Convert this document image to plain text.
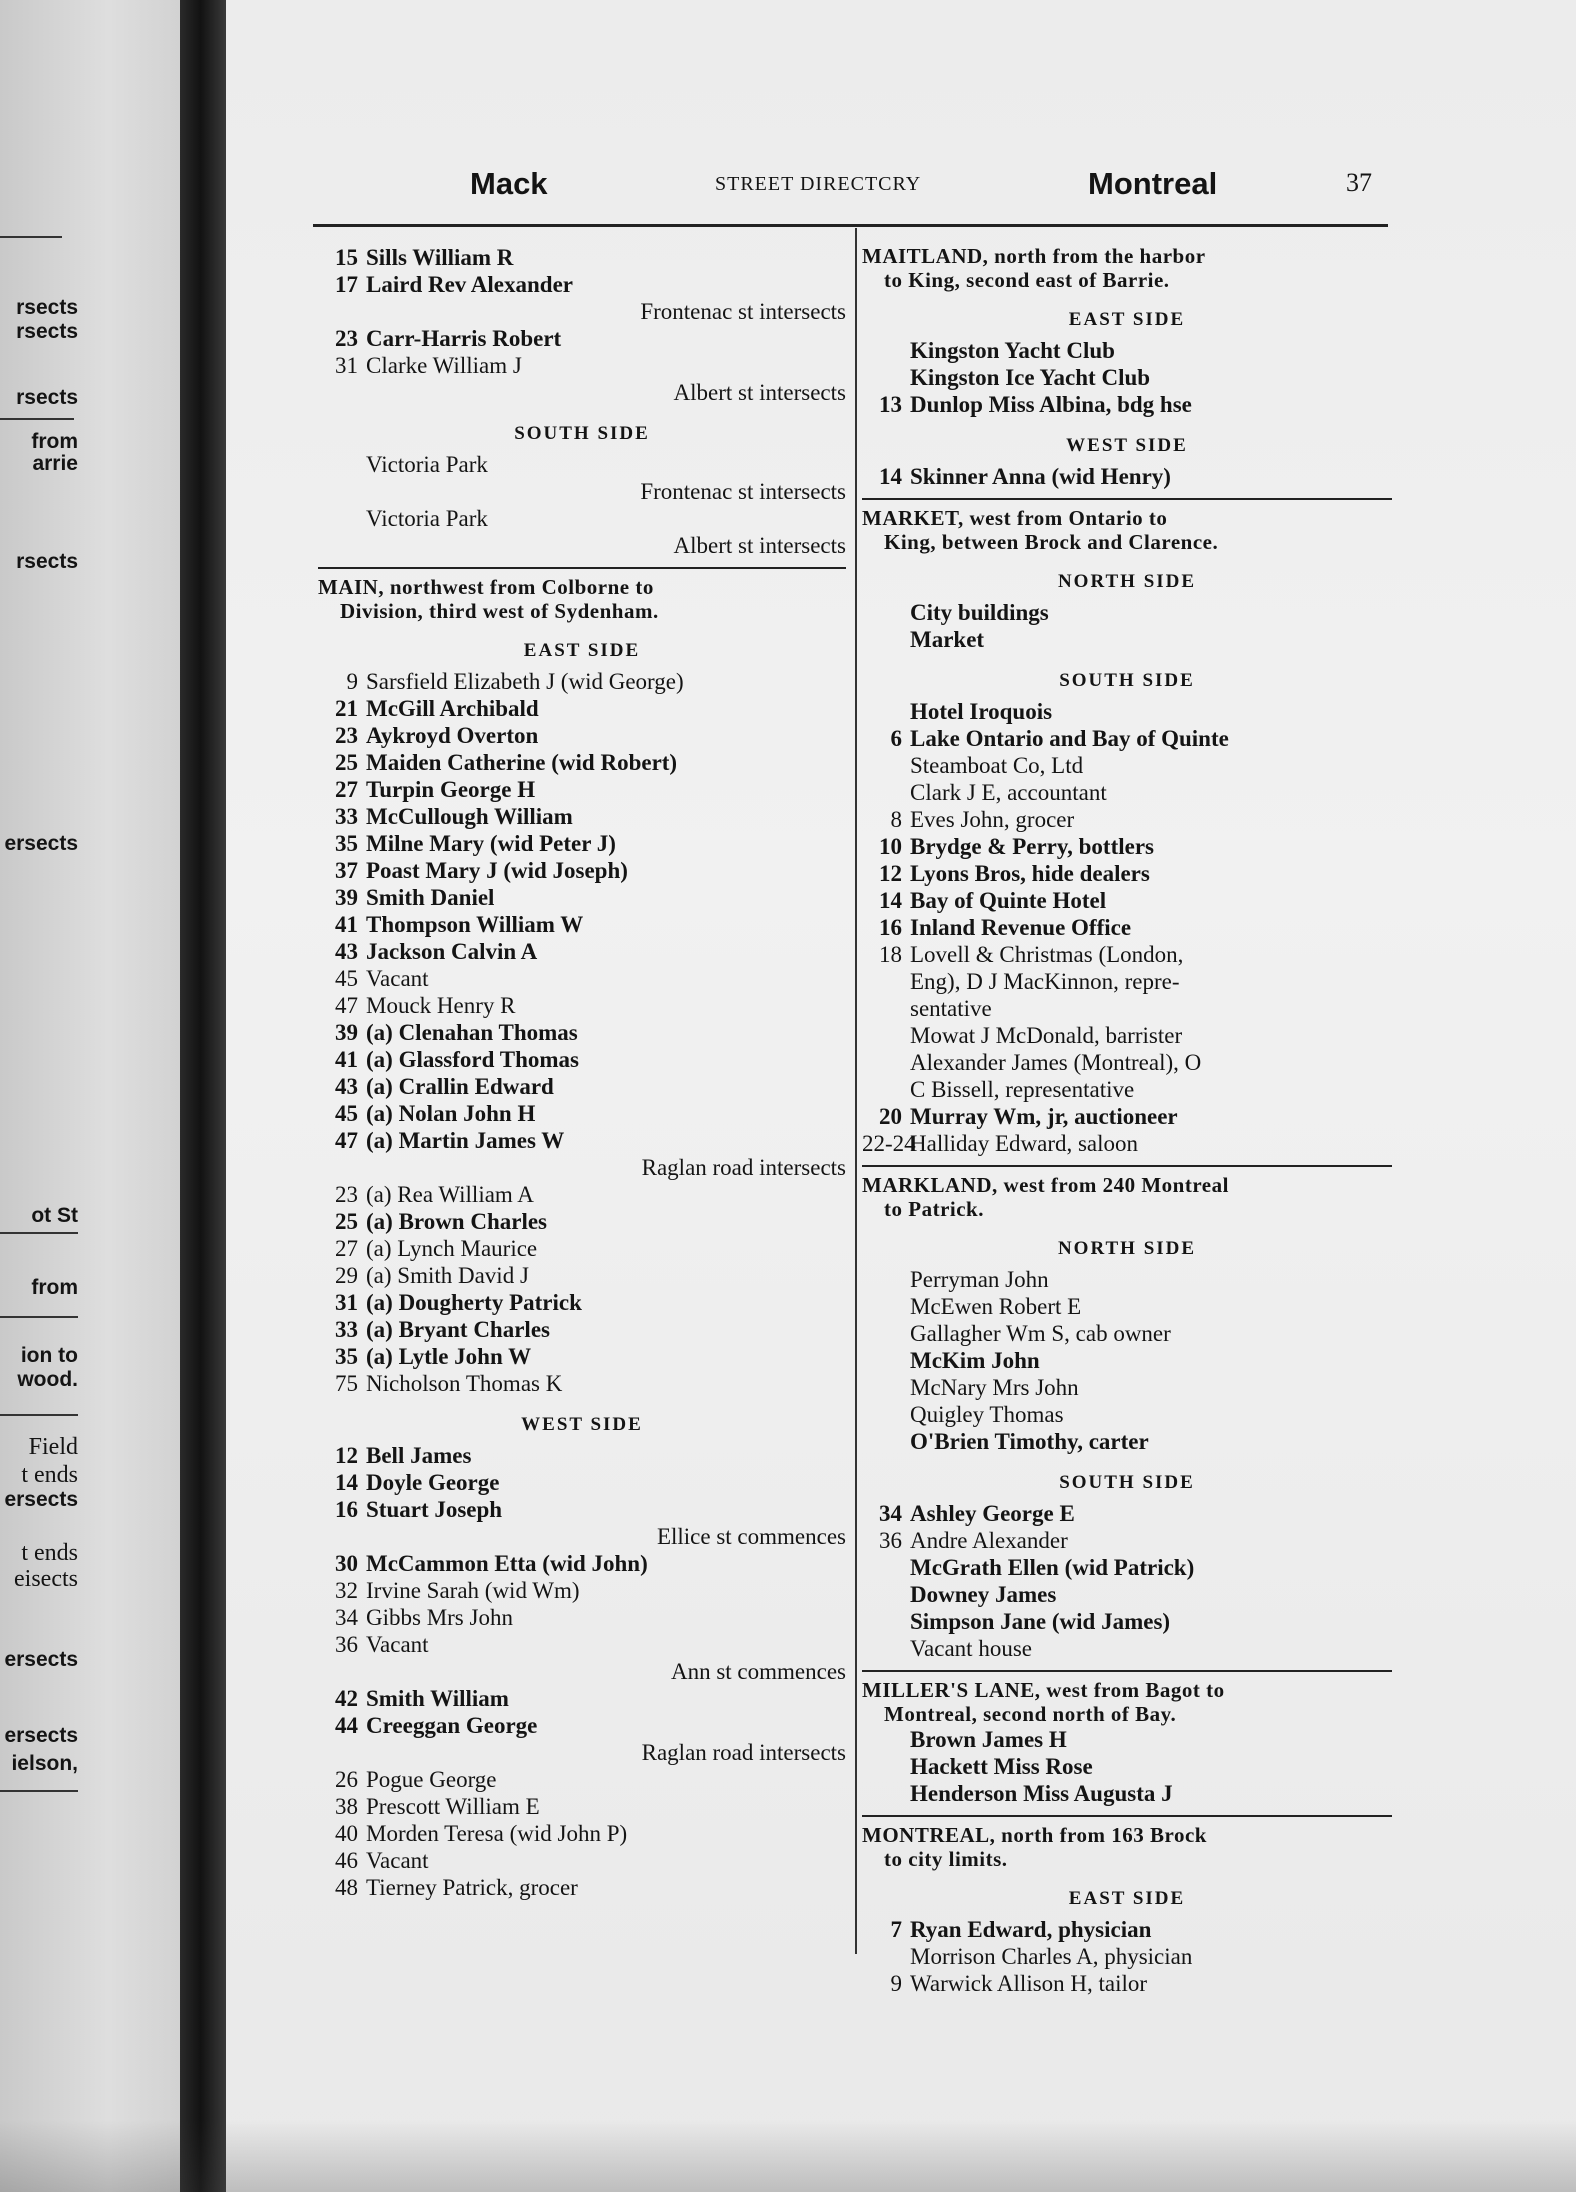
rsects
rsects
rsects
from
arrie
rsects
ersects
ot St
from
ion to
wood.
Field
t ends
ersects
t ends
eisects
ersects
ersects
ielson,
Mack	STREET DIRECTCRY	Montreal	37
15 Sills William R
17 Laird Rev Alexander
Frontenac st intersects
23 Carr-Harris Robert
31 Clarke William J
Albert st intersects
SOUTH SIDE
Victoria Park
Frontenac st intersects
Victoria Park
Albert st intersects
MAIN, northwest from Colborne to
Division, third west of Sydenham.
EAST SIDE
9 Sarsfield Elizabeth J (wid George)
21 McGill Archibald
23 Aykroyd Overton
25 Maiden Catherine (wid Robert)
27 Turpin George H
33 McCullough William
35 Milne Mary (wid Peter J)
37 Poast Mary J (wid Joseph)
39 Smith Daniel
41 Thompson William W
43 Jackson Calvin A
45 Vacant
47 Mouck Henry R
39 (a) Clenahan Thomas
41 (a) Glassford Thomas
43 (a) Crallin Edward
45 (a) Nolan John H
47 (a) Martin James W
Raglan road intersects
23 (a) Rea William A
25 (a) Brown Charles
27 (a) Lynch Maurice
29 (a) Smith David J
31 (a) Dougherty Patrick
33 (a) Bryant Charles
35 (a) Lytle John W
75 Nicholson Thomas K
WEST SIDE
12 Bell James
14 Doyle George
16 Stuart Joseph
Ellice st commences
30 McCammon Etta (wid John)
32 Irvine Sarah (wid Wm)
34 Gibbs Mrs John
36 Vacant
Ann st commences
42 Smith William
44 Creeggan George
Raglan road intersects
26 Pogue George
38 Prescott William E
40 Morden Teresa (wid John P)
46 Vacant
48 Tierney Patrick, grocer
MAITLAND, north from the harbor
to King, second east of Barrie.
EAST SIDE
Kingston Yacht Club
Kingston Ice Yacht Club
13 Dunlop Miss Albina, bdg hse
WEST SIDE
14 Skinner Anna (wid Henry)
MARKET, west from Ontario to
King, between Brock and Clarence.
NORTH SIDE
City buildings
Market
SOUTH SIDE
Hotel Iroquois
6 Lake Ontario and Bay of Quinte
Steamboat Co, Ltd
Clark J E, accountant
8 Eves John, grocer
10 Brydge & Perry, bottlers
12 Lyons Bros, hide dealers
14 Bay of Quinte Hotel
16 Inland Revenue Office
18 Lovell & Christmas (London,
Eng), D J MacKinnon, repre-
sentative
Mowat J McDonald, barrister
Alexander James (Montreal), O
C Bissell, representative
20 Murray Wm, jr, auctioneer
22-24Halliday Edward, saloon
MARKLAND, west from 240 Montreal
to Patrick.
NORTH SIDE
Perryman John
McEwen Robert E
Gallagher Wm S, cab owner
McKim John
McNary Mrs John
Quigley Thomas
O'Brien Timothy, carter
SOUTH SIDE
34 Ashley George E
36 Andre Alexander
McGrath Ellen (wid Patrick)
Downey James
Simpson Jane (wid James)
Vacant house
MILLER'S LANE, west from Bagot to
Montreal, second north of Bay.
Brown James H
Hackett Miss Rose
Henderson Miss Augusta J
MONTREAL, north from 163 Brock
to city limits.
EAST SIDE
7 Ryan Edward, physician
Morrison Charles A, physician
9 Warwick Allison H, tailor
